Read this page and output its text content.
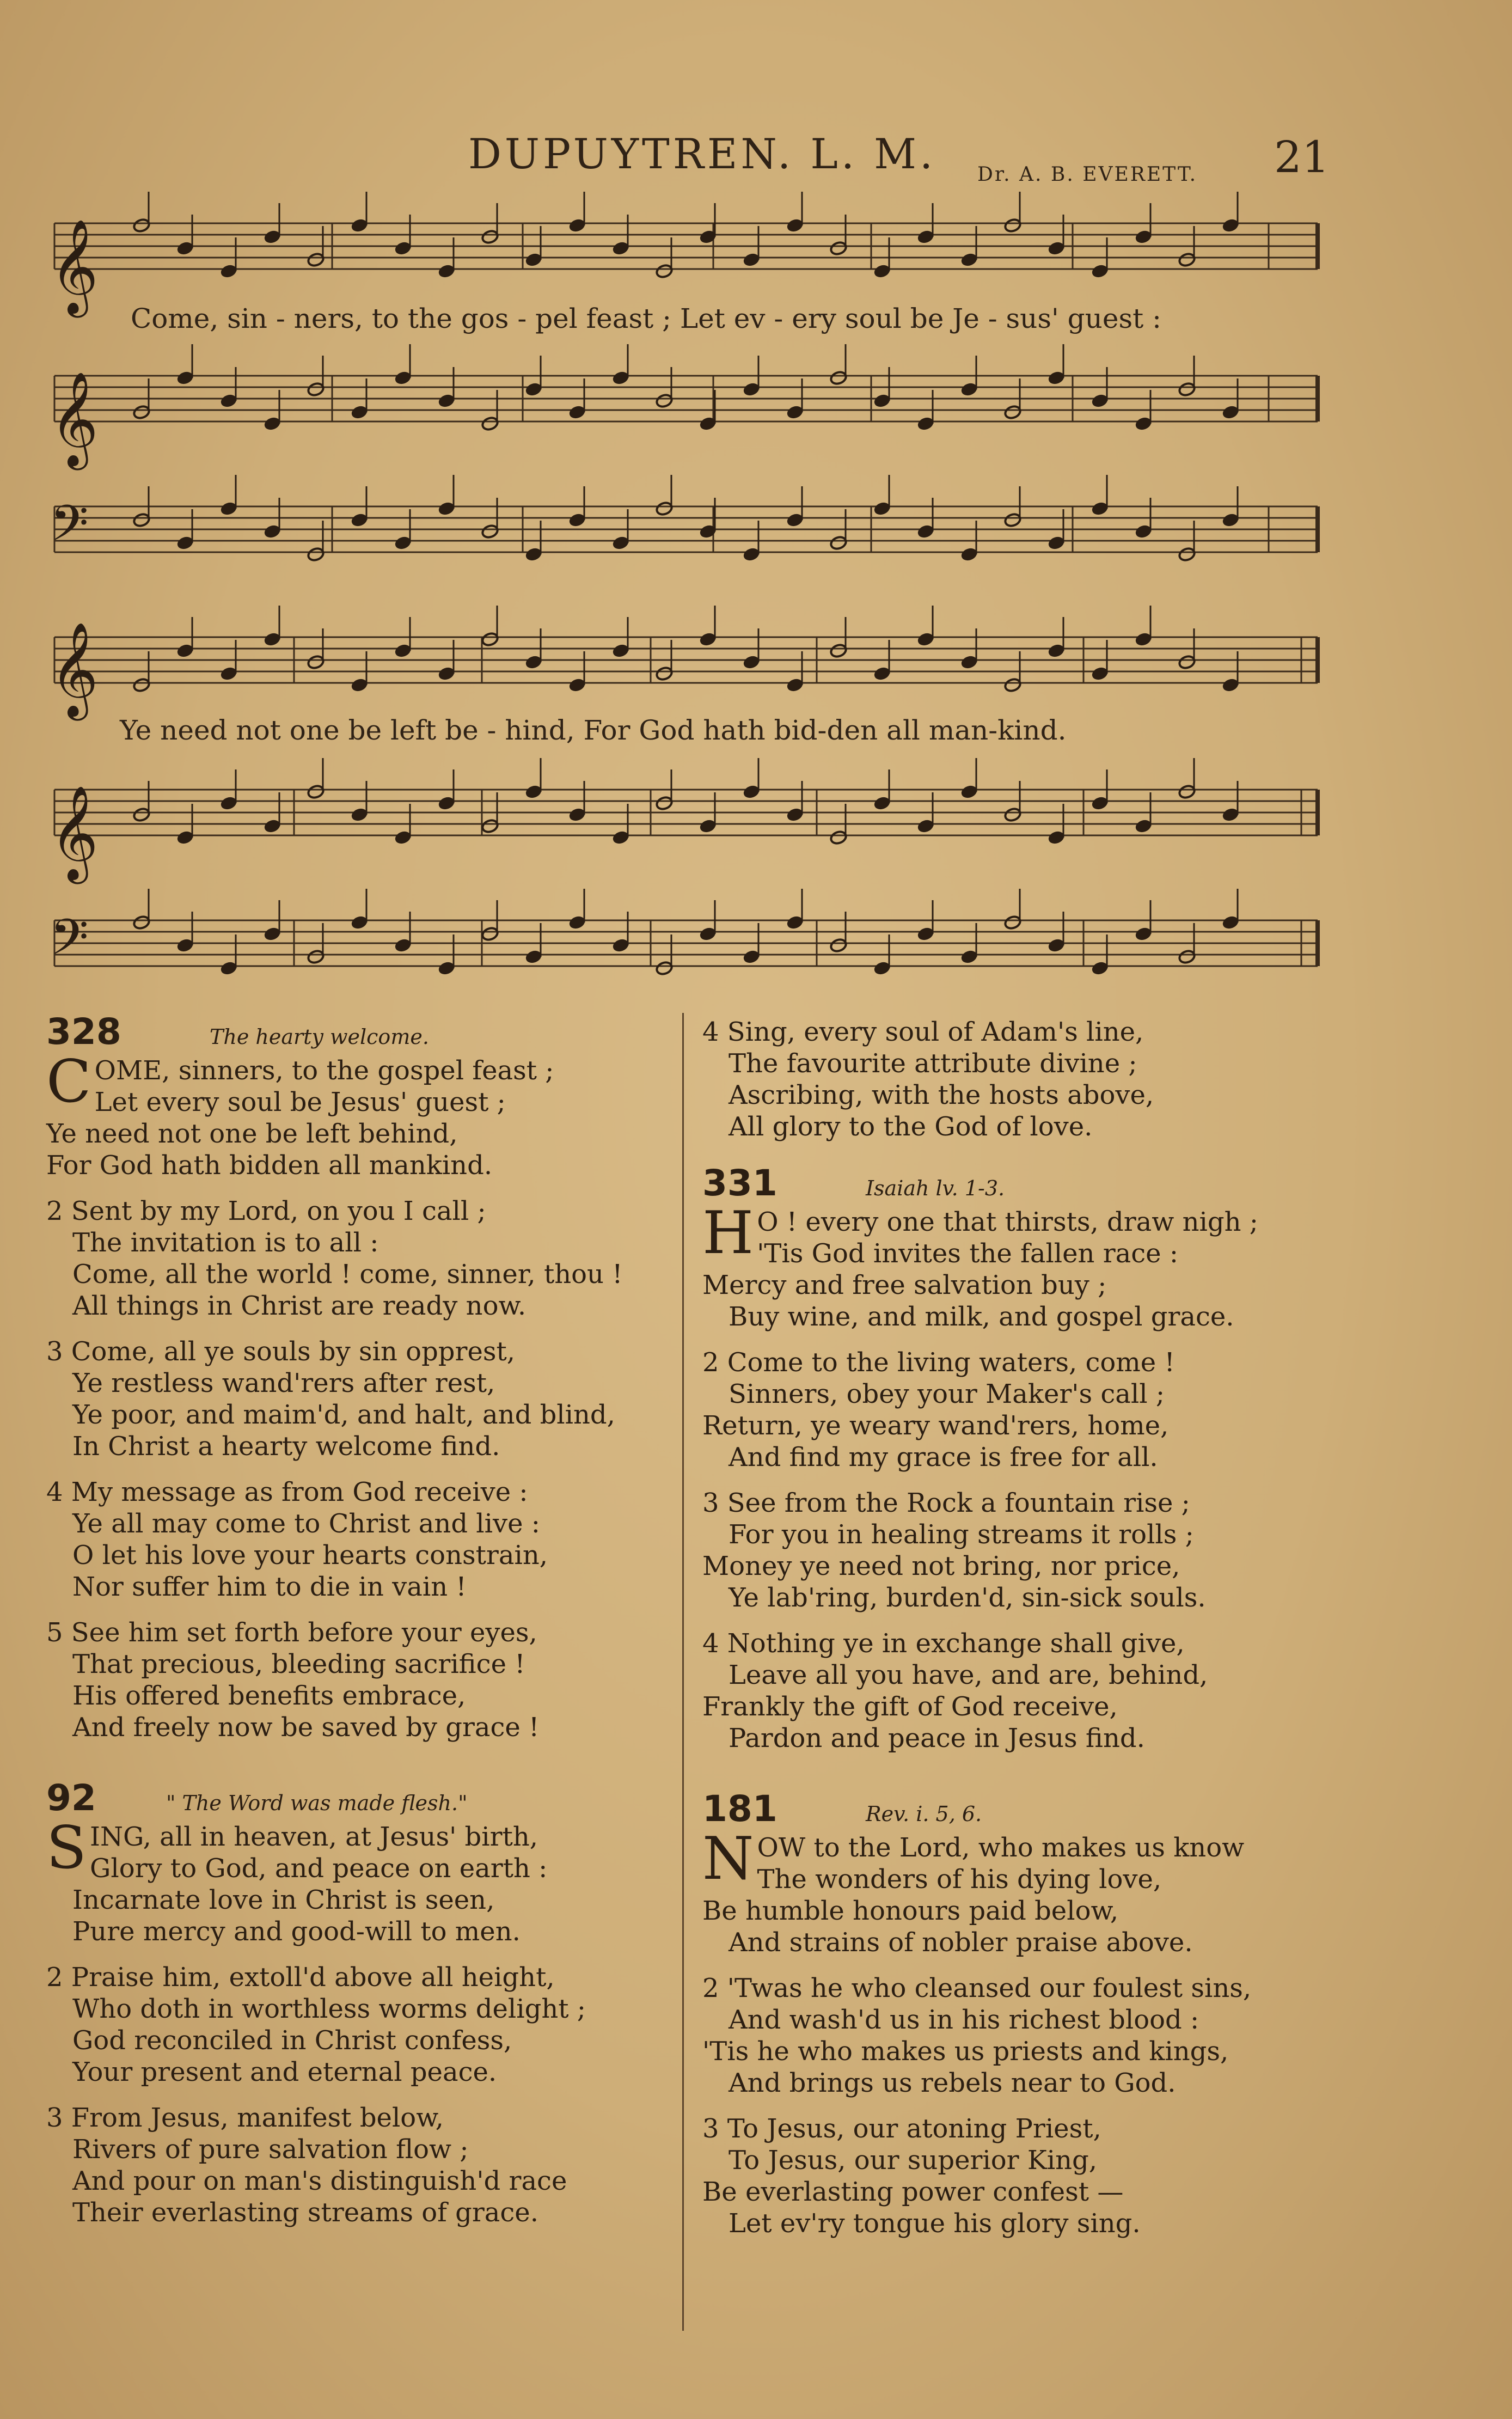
DUPUYTREN. L. M. Dr. A. B. EVERETT. 21
𝄞
𝄞
𝄢
𝄞
𝄞
𝄢
Come, sin - ners, to the gos - pel feast ; Let ev - ery soul be Je - sus' guest :
Ye need not one be left be - hind, For God hath bid-den all man-kind.
328	The hearty welcome.
C OME, sinners, to the gospel feast ;

Let every soul be Jesus' guest ;

Ye need not one be left behind,

For God hath bidden all mankind.

2 Sent by my Lord, on you I call ;

The invitation is to all :

Come, all the world ! come, sinner, thou !

All things in Christ are ready now.

3 Come, all ye souls by sin opprest,

Ye restless wand'rers after rest,

Ye poor, and maim'd, and halt, and blind,

In Christ a hearty welcome find.

4 My message as from God receive :

Ye all may come to Christ and live :

O let his love your hearts constrain,

Nor suffer him to die in vain !

5 See him set forth before your eyes,

That precious, bleeding sacrifice !

His offered benefits embrace,

And freely now be saved by grace !

92	" The Word was made flesh."
S ING, all in heaven, at Jesus' birth,

Glory to God, and peace on earth :

Incarnate love in Christ is seen,

Pure mercy and good-will to men.

2 Praise him, extoll'd above all height,

Who doth in worthless worms delight ;

God reconciled in Christ confess,

Your present and eternal peace.

3 From Jesus, manifest below,

Rivers of pure salvation flow ;

And pour on man's distinguish'd race

Their everlasting streams of grace.

4 Sing, every soul of Adam's line,

The favourite attribute divine ;

Ascribing, with the hosts above,

All glory to the God of love.

331	Isaiah lv. 1-3.
H O ! every one that thirsts, draw nigh ;

'Tis God invites the fallen race :

Mercy and free salvation buy ;

Buy wine, and milk, and gospel grace.

2 Come to the living waters, come !

Sinners, obey your Maker's call ;

Return, ye weary wand'rers, home,

And find my grace is free for all.

3 See from the Rock a fountain rise ;

For you in healing streams it rolls ;

Money ye need not bring, nor price,

Ye lab'ring, burden'd, sin-sick souls.

4 Nothing ye in exchange shall give,

Leave all you have, and are, behind,

Frankly the gift of God receive,

Pardon and peace in Jesus find.

181	Rev. i. 5, 6.
N OW to the Lord, who makes us know

The wonders of his dying love,

Be humble honours paid below,

And strains of nobler praise above.

2 'Twas he who cleansed our foulest sins,

And wash'd us in his richest blood :

'Tis he who makes us priests and kings,

And brings us rebels near to God.

3 To Jesus, our atoning Priest,

To Jesus, our superior King,

Be everlasting power confest —

Let ev'ry tongue his glory sing.
